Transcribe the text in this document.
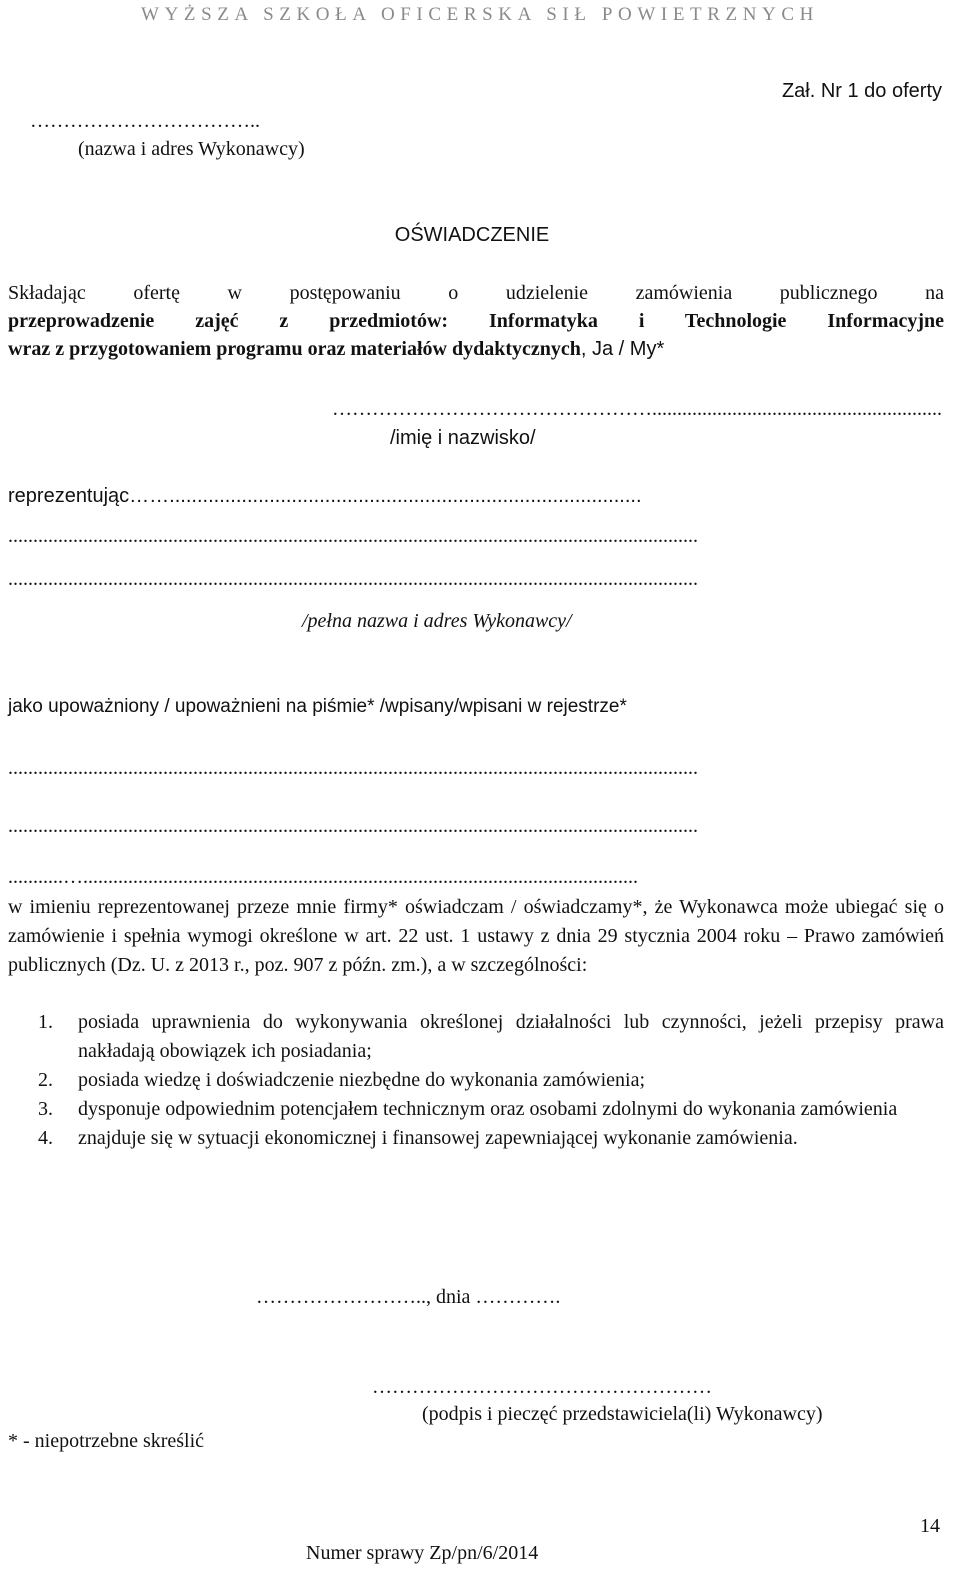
WYŻSZA SZKOŁA OFICERSKA SIŁ POWIETRZNYCH
Zał. Nr 1 do oferty
……………………………..
(nazwa i adres Wykonawcy)
OŚWIADCZENIE
Składając ofertę w postępowaniu o udzielenie zamówienia publicznego na
przeprowadzenie zajęć z przedmiotów: Informatyka i Technologie Informacyjne
wraz z przygotowaniem programu oraz materiałów dydaktycznych, Ja / My*
…………………………………………..........................................................
/imię i nazwisko/
reprezentując…….....................................................................................
..........................................................................................................................................
..........................................................................................................................................
/pełna nazwa i adres Wykonawcy/
jako upoważniony / upoważnieni na piśmie* /wpisany/wpisani w rejestrze*
..........................................................................................................................................
..........................................................................................................................................
...........…...............................................................................................................
w imieniu reprezentowanej przeze mnie firmy* oświadczam / oświadczamy*, że Wykonawca może ubiegać się o zamówienie i spełnia wymogi określone w art. 22 ust. 1 ustawy z dnia 29 stycznia 2004 roku – Prawo zamówień publicznych (Dz. U. z 2013 r., poz. 907 z późn. zm.), a w szczególności:
1. posiada uprawnienia do wykonywania określonej działalności lub czynności, jeżeli przepisy prawa nakładają obowiązek ich posiadania;
2. posiada wiedzę i doświadczenie niezbędne do wykonania zamówienia;
3. dysponuje odpowiednim potencjałem technicznym oraz osobami zdolnymi do wykonania zamówienia
4. znajduje się w sytuacji ekonomicznej i finansowej zapewniającej wykonanie zamówienia.
…………………….., dnia ………….
……………………………………………
(podpis i pieczęć przedstawiciela(li) Wykonawcy)
* - niepotrzebne skreślić
14
Numer sprawy Zp/pn/6/2014
